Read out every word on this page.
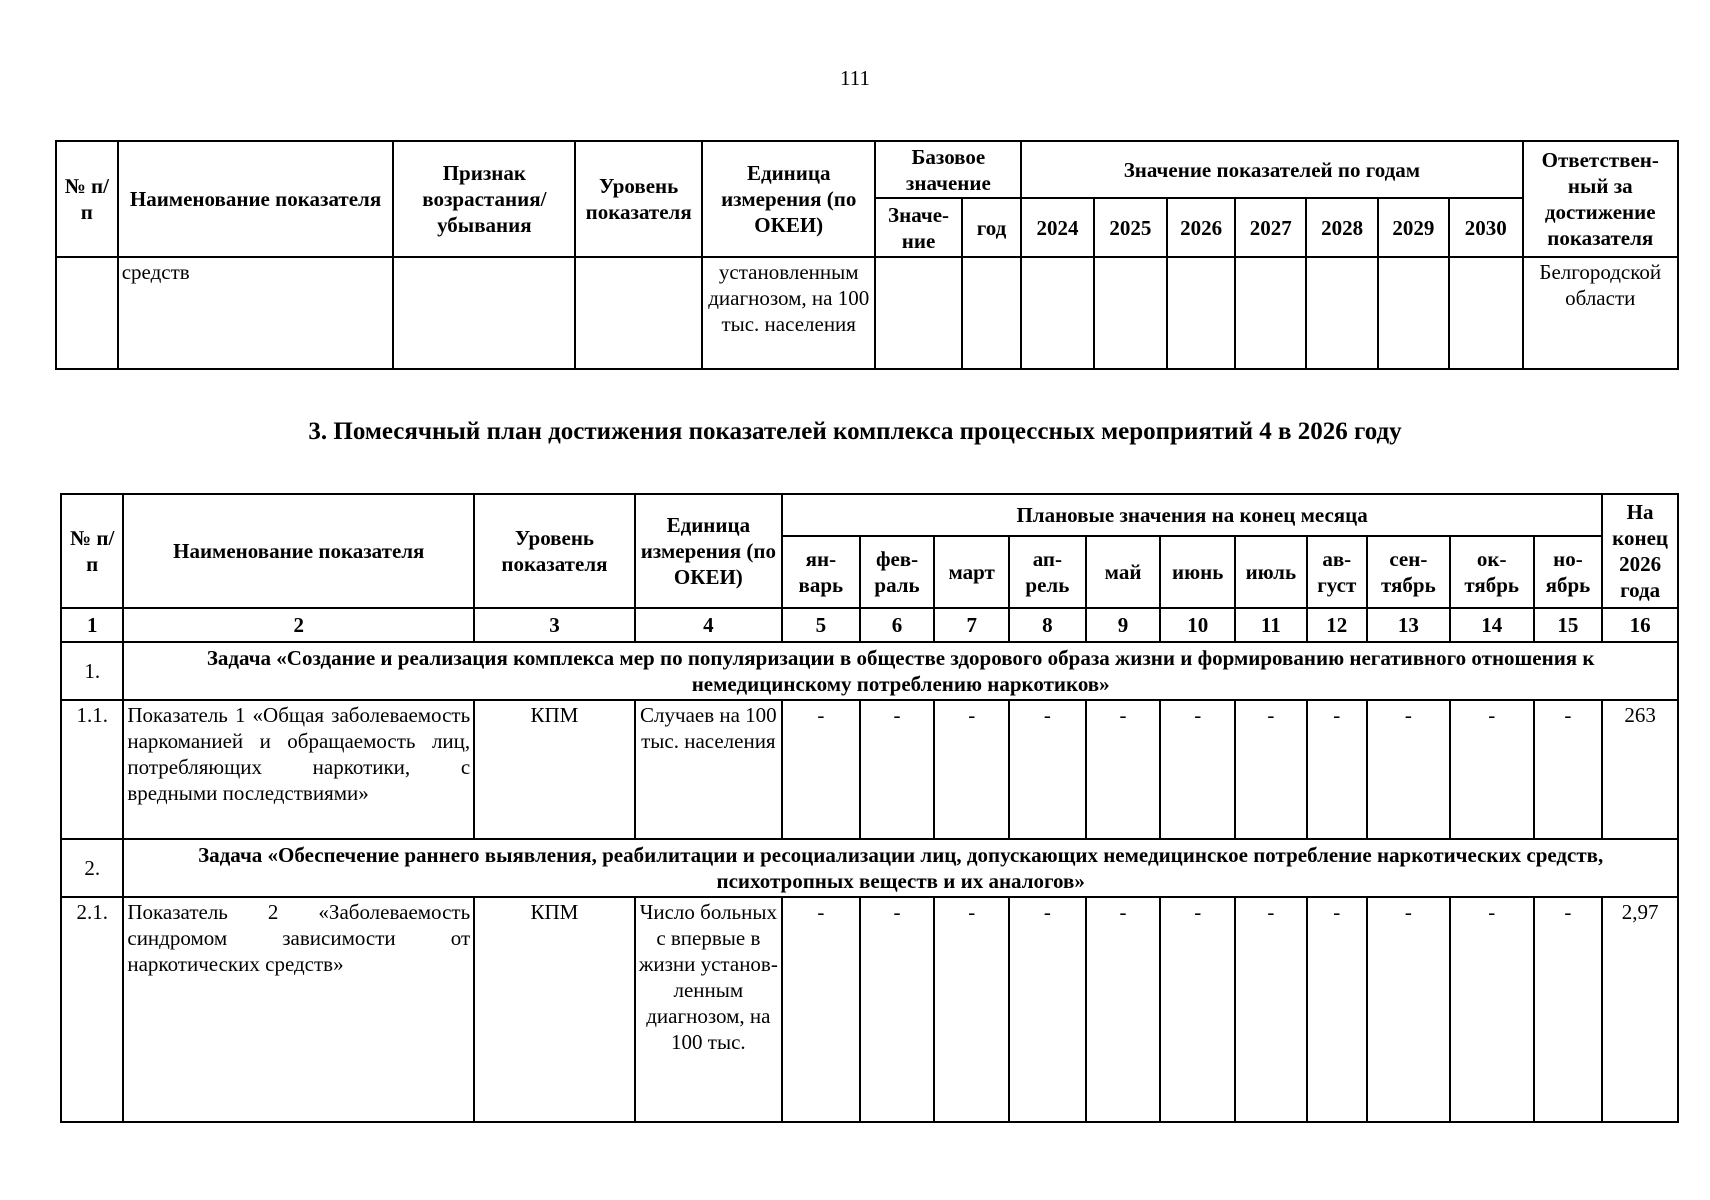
111
№ п/п	Наименование показателя	Признак возрастания/ убывания	Уровень показателя	Единица измерения (по ОКЕИ)	Базовое значение		Значение показателей по годам							Ответствен-ный за достижение показателя
					Значе-ние	год	2024	2025	2026	2027	2028	2029	2030	
	средств			установленным диагнозом, на 100 тыс. населения										Белгородской области
3. Помесячный план достижения показателей комплекса процессных мероприятий 4 в 2026 году
№ п/п	Наименование показателя	Уровень показателя	Единица измерения (по ОКЕИ)	Плановые значения на конец месяца											На конец 2026 года
				ян-варь	фев-раль	март	ап-рель	май	июнь	июль	ав-густ	сен-тябрь	ок-тябрь	но-ябрь	
1	2	3	4	5	6	7	8	9	10	11	12	13	14	15	16
1.	Задача «Создание и реализация комплекса мер по популяризации в обществе здорового образа жизни и формированию негативного отношения к немедицинскому потреблению наркотиков»														
1.1.	Показатель 1 «Общая заболеваемость наркоманией и обращаемость лиц, потребляющих наркотики, с вредными последствиями»	КПМ	Случаев на 100 тыс. населения	-	-	-	-	-	-	-	-	-	-	-	263
2.	Задача «Обеспечение раннего выявления, реабилитации и ресоциализации лиц, допускающих немедицинское потребление наркотических средств, психотропных веществ и их аналогов»														
2.1.	Показатель 2 «Заболеваемость синдромом зависимости от наркотических средств»	КПМ	Число больных с впервые в жизни установ-ленным диагнозом, на 100 тыс.	-	-	-	-	-	-	-	-	-	-	-	2,97
